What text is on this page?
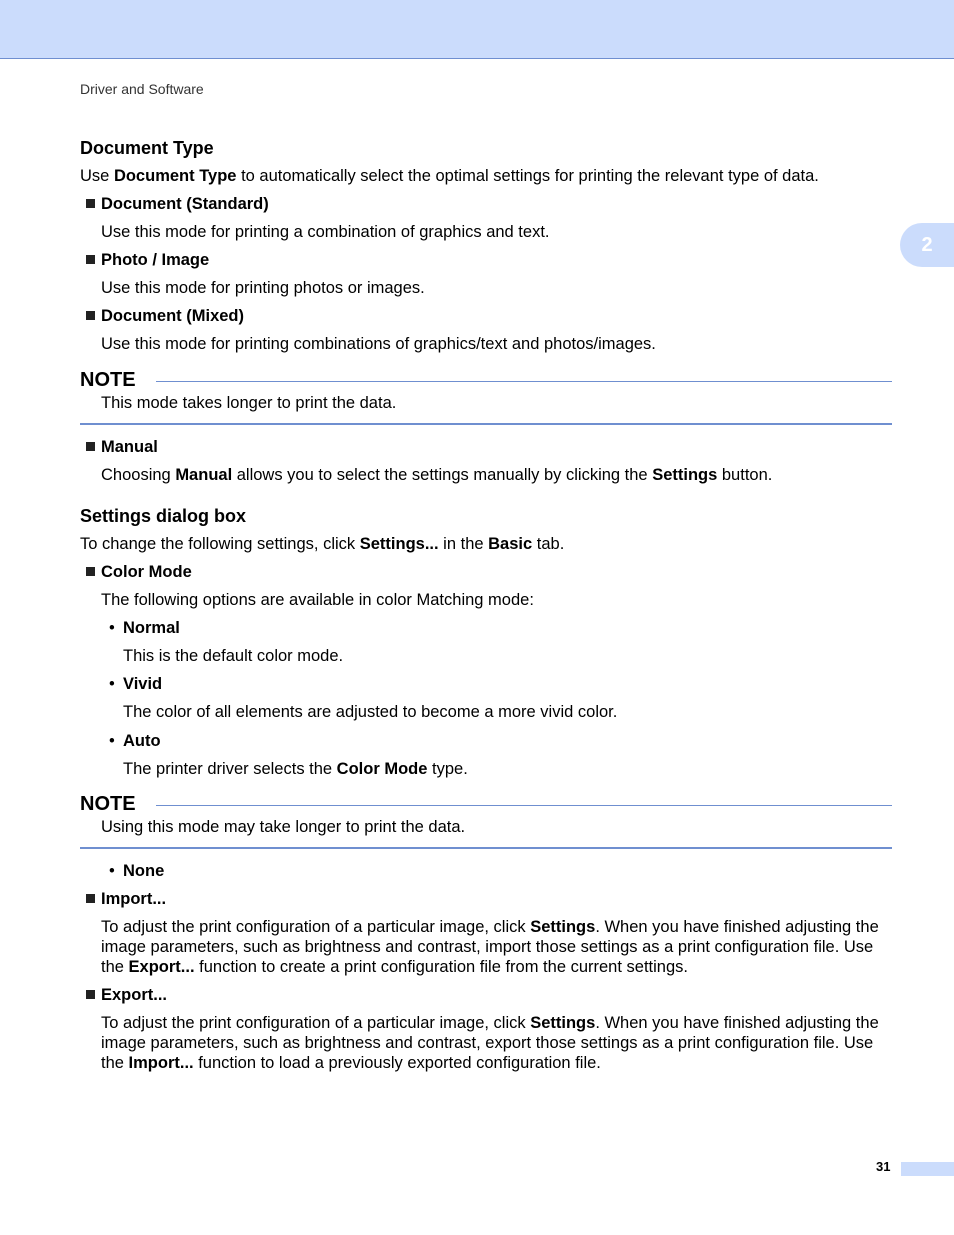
Driver and Software
2
Document Type

Use Document Type to automatically select the optimal settings for printing the relevant type of data.

Document (Standard)

Use this mode for printing a combination of graphics and text.

Photo / Image

Use this mode for printing photos or images.

Document (Mixed)

Use this mode for printing combinations of graphics/text and photos/images.

NOTE
This mode takes longer to print the data.
Manual

Choosing Manual allows you to select the settings manually by clicking the Settings button.

Settings dialog box

To change the following settings, click Settings... in the Basic tab.

Color Mode

The following options are available in color Matching mode:

• Normal

This is the default color mode.

• Vivid

The color of all elements are adjusted to become a more vivid color.

• Auto

The printer driver selects the Color Mode type.

NOTE
Using this mode may take longer to print the data.
• None
Import...

To adjust the print configuration of a particular image, click Settings. When you have finished adjusting the image parameters, such as brightness and contrast, import those settings as a print configuration file. Use the Export... function to create a print configuration file from the current settings.

Export...

To adjust the print configuration of a particular image, click Settings. When you have finished adjusting the image parameters, such as brightness and contrast, export those settings as a print configuration file. Use the Import... function to load a previously exported configuration file.

31
